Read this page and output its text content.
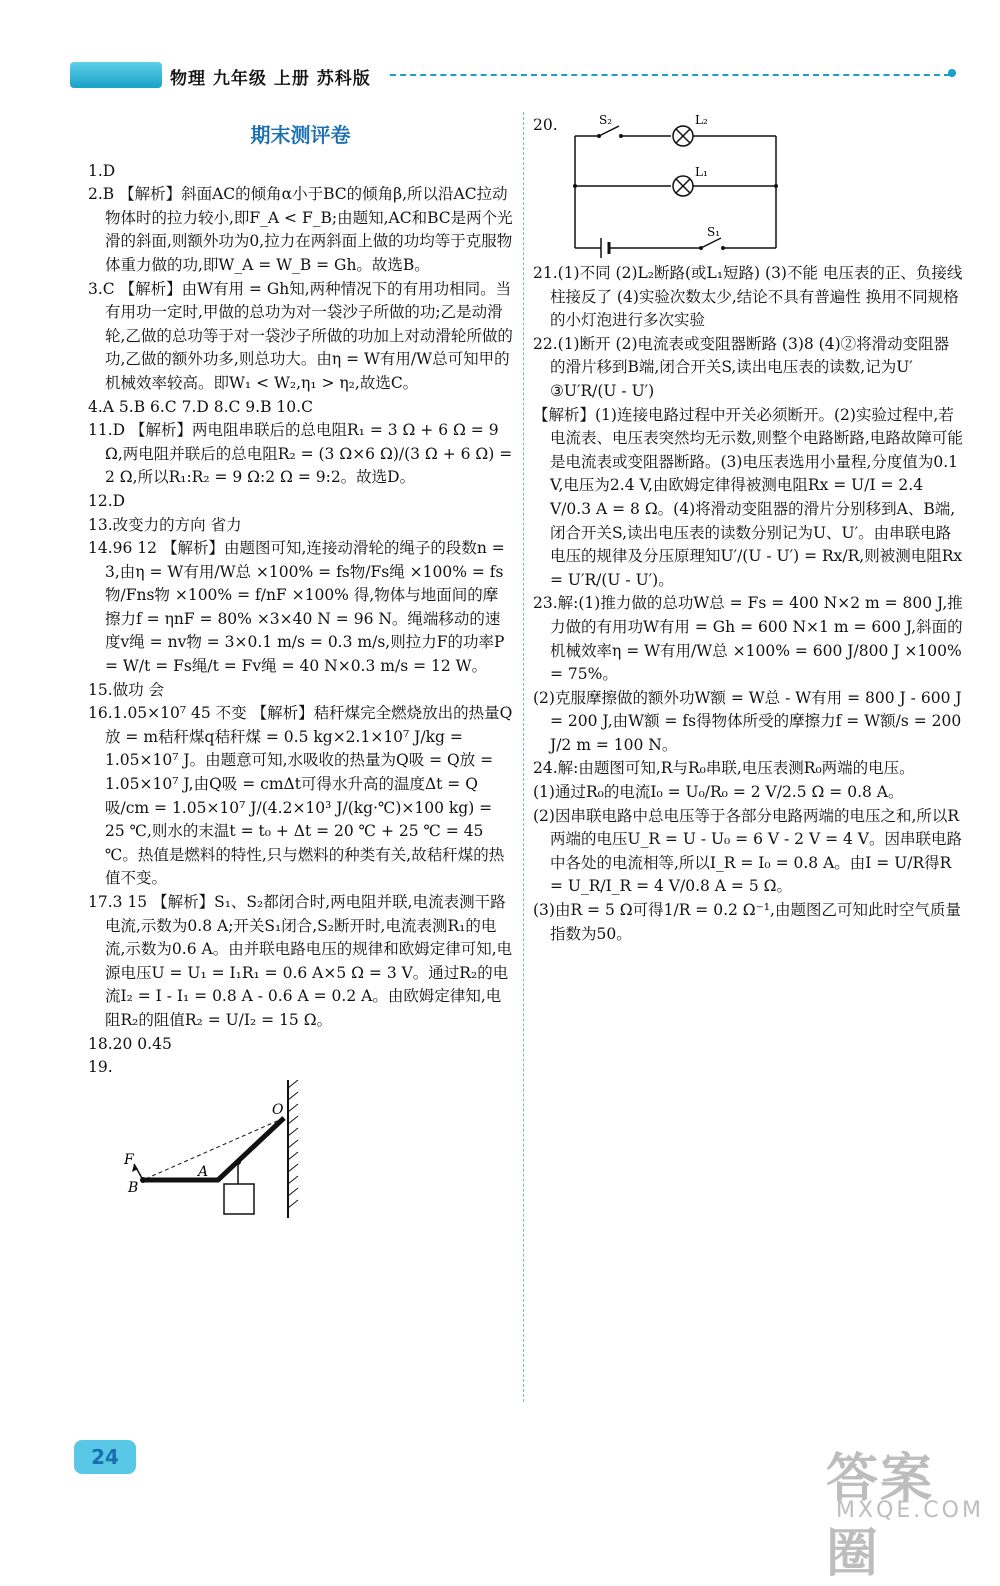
物理 九年级 上册 苏科版
期末测评卷

1.D

2.B 【解析】斜面AC的倾角α小于BC的倾角β,所以沿AC拉动物体时的拉力较小,即F_A < F_B;由题知,AC和BC是两个光滑的斜面,则额外功为0,拉力在两斜面上做的功均等于克服物体重力做的功,即W_A = W_B = Gh。故选B。

3.C 【解析】由W有用 = Gh知,两种情况下的有用功相同。当有用功一定时,甲做的总功为对一袋沙子所做的功;乙是动滑轮,乙做的总功等于对一袋沙子所做的功加上对动滑轮所做的功,乙做的额外功多,则总功大。由η = W有用/W总可知甲的机械效率较高。即W₁ < W₂,η₁ > η₂,故选C。

4.A 5.B 6.C 7.D 8.C 9.B 10.C

11.D 【解析】两电阻串联后的总电阻R₁ = 3 Ω + 6 Ω = 9 Ω,两电阻并联后的总电阻R₂ = (3 Ω×6 Ω)/(3 Ω + 6 Ω) = 2 Ω,所以R₁:R₂ = 9 Ω:2 Ω = 9:2。故选D。

12.D

13.改变力的方向 省力

14.96 12 【解析】由题图可知,连接动滑轮的绳子的段数n = 3,由η = W有用/W总 ×100% = fs物/Fs绳 ×100% = fs物/Fns物 ×100% = f/nF ×100% 得,物体与地面间的摩擦力f = ηnF = 80% ×3×40 N = 96 N。绳端移动的速度v绳 = nv物 = 3×0.1 m/s = 0.3 m/s,则拉力F的功率P = W/t = Fs绳/t = Fv绳 = 40 N×0.3 m/s = 12 W。

15.做功 会

16.1.05×10⁷ 45 不变 【解析】秸秆煤完全燃烧放出的热量Q放 = m秸秆煤q秸秆煤 = 0.5 kg×2.1×10⁷ J/kg = 1.05×10⁷ J。由题意可知,水吸收的热量为Q吸 = Q放 = 1.05×10⁷ J,由Q吸 = cmΔt可得水升高的温度Δt = Q吸/cm = 1.05×10⁷ J/(4.2×10³ J/(kg·℃)×100 kg) = 25 ℃,则水的末温t = t₀ + Δt = 20 ℃ + 25 ℃ = 45 ℃。热值是燃料的特性,只与燃料的种类有关,故秸秆煤的热值不变。

17.3 15 【解析】S₁、S₂都闭合时,两电阻并联,电流表测干路电流,示数为0.8 A;开关S₁闭合,S₂断开时,电流表测R₁的电流,示数为0.6 A。由并联电路电压的规律和欧姆定律可知,电源电压U = U₁ = I₁R₁ = 0.6 A×5 Ω = 3 V。通过R₂的电流I₂ = I - I₁ = 0.8 A - 0.6 A = 0.2 A。由欧姆定律知,电阻R₂的阻值R₂ = U/I₂ = 15 Ω。

18.20 0.45

19.

O
F
B
A
20.	S₂	L₂
L₁
S₁

21.(1)不同 (2)L₂断路(或L₁短路) (3)不能 电压表的正、负接线柱接反了 (4)实验次数太少,结论不具有普遍性 换用不同规格的小灯泡进行多次实验

22.(1)断开 (2)电流表或变阻器断路 (3)8 (4)②将滑动变阻器的滑片移到B端,闭合开关S,读出电压表的读数,记为U′ ③U′R/(U - U′)

【解析】(1)连接电路过程中开关必须断开。(2)实验过程中,若电流表、电压表突然均无示数,则整个电路断路,电路故障可能是电流表或变阻器断路。(3)电压表选用小量程,分度值为0.1 V,电压为2.4 V,由欧姆定律得被测电阻Rx = U/I = 2.4 V/0.3 A = 8 Ω。(4)将滑动变阻器的滑片分别移到A、B端,闭合开关S,读出电压表的读数分别记为U、U′。由串联电路电压的规律及分压原理知U′/(U - U′) = Rx/R,则被测电阻Rx = U′R/(U - U′)。

23.解:(1)推力做的总功W总 = Fs = 400 N×2 m = 800 J,推力做的有用功W有用 = Gh = 600 N×1 m = 600 J,斜面的机械效率η = W有用/W总 ×100% = 600 J/800 J ×100% = 75%。

(2)克服摩擦做的额外功W额 = W总 - W有用 = 800 J - 600 J = 200 J,由W额 = fs得物体所受的摩擦力f = W额/s = 200 J/2 m = 100 N。

24.解:由题图可知,R与R₀串联,电压表测R₀两端的电压。

(1)通过R₀的电流I₀ = U₀/R₀ = 2 V/2.5 Ω = 0.8 A。

(2)因串联电路中总电压等于各部分电路两端的电压之和,所以R两端的电压U_R = U - U₀ = 6 V - 2 V = 4 V。因串联电路中各处的电流相等,所以I_R = I₀ = 0.8 A。由I = U/R得R = U_R/I_R = 4 V/0.8 A = 5 Ω。

(3)由R = 5 Ω可得1/R = 0.2 Ω⁻¹,由题图乙可知此时空气质量指数为50。

24	答案圈
MXQE.COM
